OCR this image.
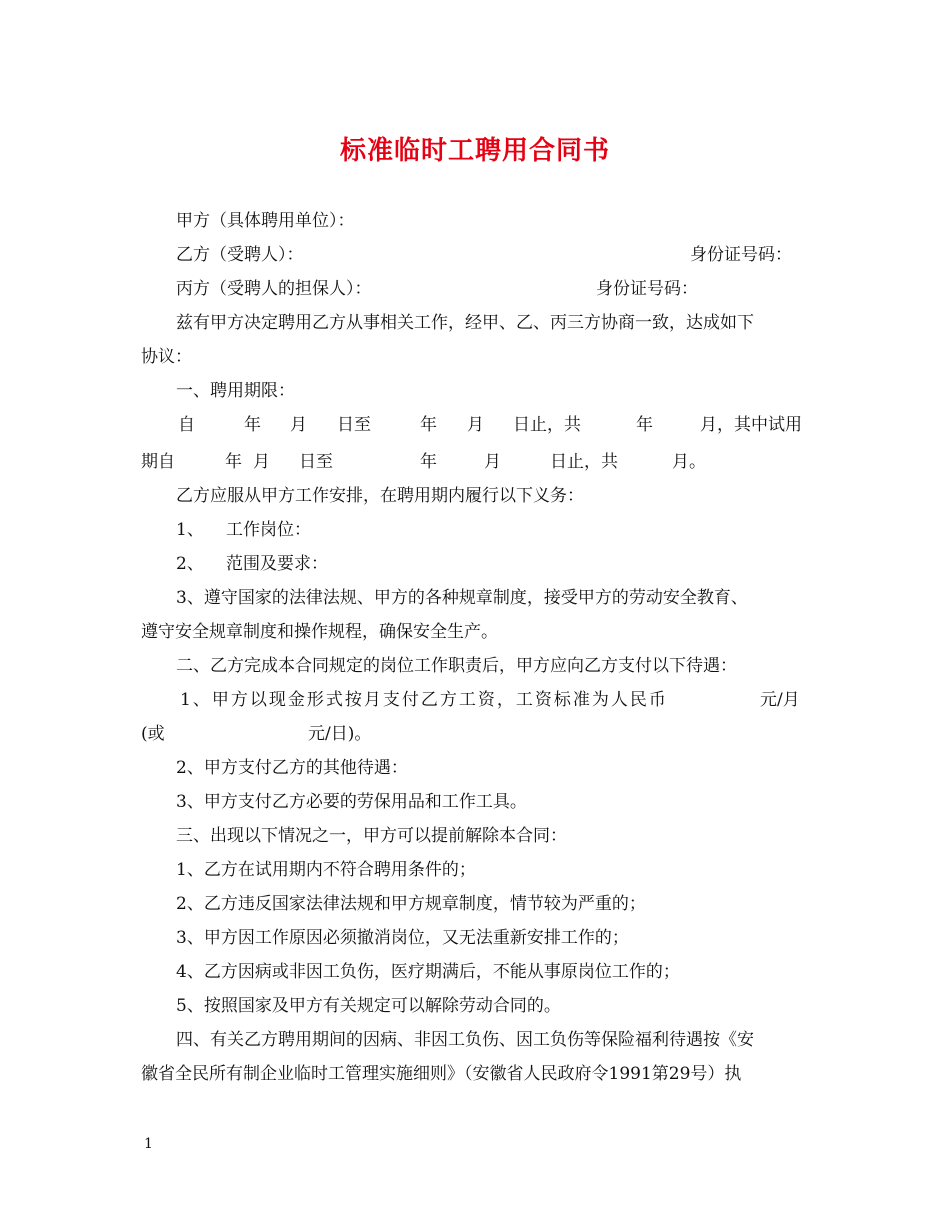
标准临时工聘用合同书
甲方（具体聘用单位）：
乙方（受聘人）：	身份证号码：
丙方（受聘人的担保人）：	身份证号码：
兹有甲方决定聘用乙方从事相关工作，经甲、乙、丙三方协商一致，达成如下
协议：
一、聘用期限：
自	年 月 日至	年 月 日止，共	年	月，其中试用
期自	年 月 日至	年	月	日止，共	月。
乙方应服从甲方工作安排，在聘用期内履行以下义务：
1、 工作岗位：
2、 范围及要求：
3、遵守国家的法律法规、甲方的各种规章制度，接受甲方的劳动安全教育、
遵守安全规章制度和操作规程，确保安全生产。
二、乙方完成本合同规定的岗位工作职责后，甲方应向乙方支付以下待遇：
1、甲方以现金形式按月支付乙方工资，工资标准为人民币	元/月
(或	元/日)。
2、甲方支付乙方的其他待遇：
3、甲方支付乙方必要的劳保用品和工作工具。
三、出现以下情况之一，甲方可以提前解除本合同：
1、乙方在试用期内不符合聘用条件的；
2、乙方违反国家法律法规和甲方规章制度，情节较为严重的；
3、甲方因工作原因必须撤消岗位，又无法重新安排工作的；
4、乙方因病或非因工负伤，医疗期满后，不能从事原岗位工作的；
5、按照国家及甲方有关规定可以解除劳动合同的。
四、有关乙方聘用期间的因病、非因工负伤、因工负伤等保险福利待遇按《安
徽省全民所有制企业临时工管理实施细则》（安徽省人民政府令1991第29号）执
1
